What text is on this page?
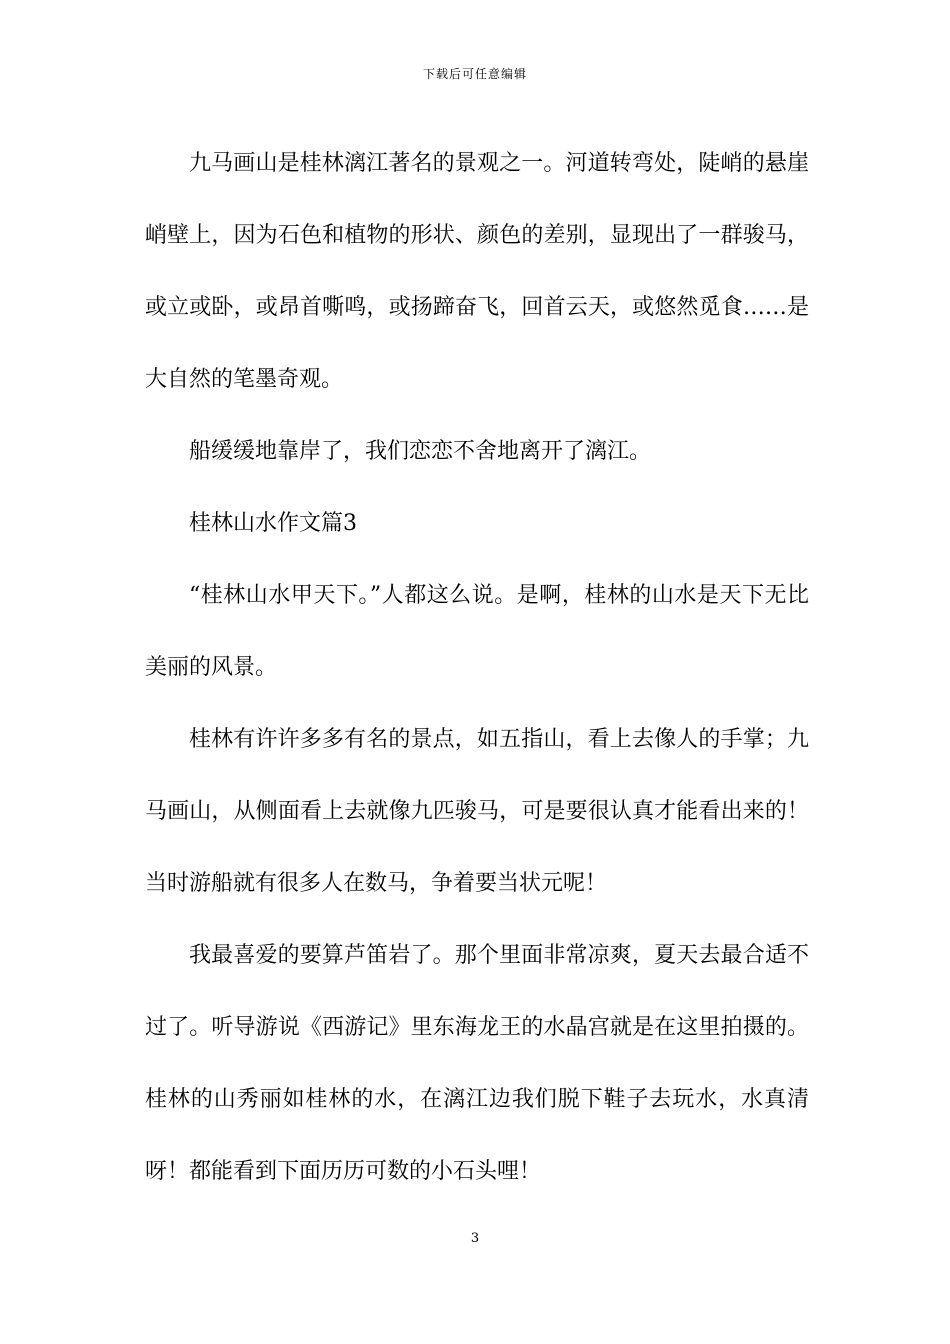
下载后可任意编辑

九马画山是桂林漓江著名的景观之一。河道转弯处，陡峭的悬崖峭壁上，因为石色和植物的形状、颜色的差别，显现出了一群骏马，或立或卧，或昂首嘶鸣，或扬蹄奋飞，回首云天，或悠然觅食……是大自然的笔墨奇观。

船缓缓地靠岸了，我们恋恋不舍地离开了漓江。

桂林山水作文篇3

“桂林山水甲天下。”人都这么说。是啊，桂林的山水是天下无比美丽的风景。

桂林有许许多多有名的景点，如五指山，看上去像人的手掌；九马画山，从侧面看上去就像九匹骏马，可是要很认真才能看出来的！当时游船就有很多人在数马，争着要当状元呢！

我最喜爱的要算芦笛岩了。那个里面非常凉爽，夏天去最合适不过了。听导游说《西游记》里东海龙王的水晶宫就是在这里拍摄的。桂林的山秀丽如桂林的水，在漓江边我们脱下鞋子去玩水，水真清呀！都能看到下面历历可数的小石头哩！

3
